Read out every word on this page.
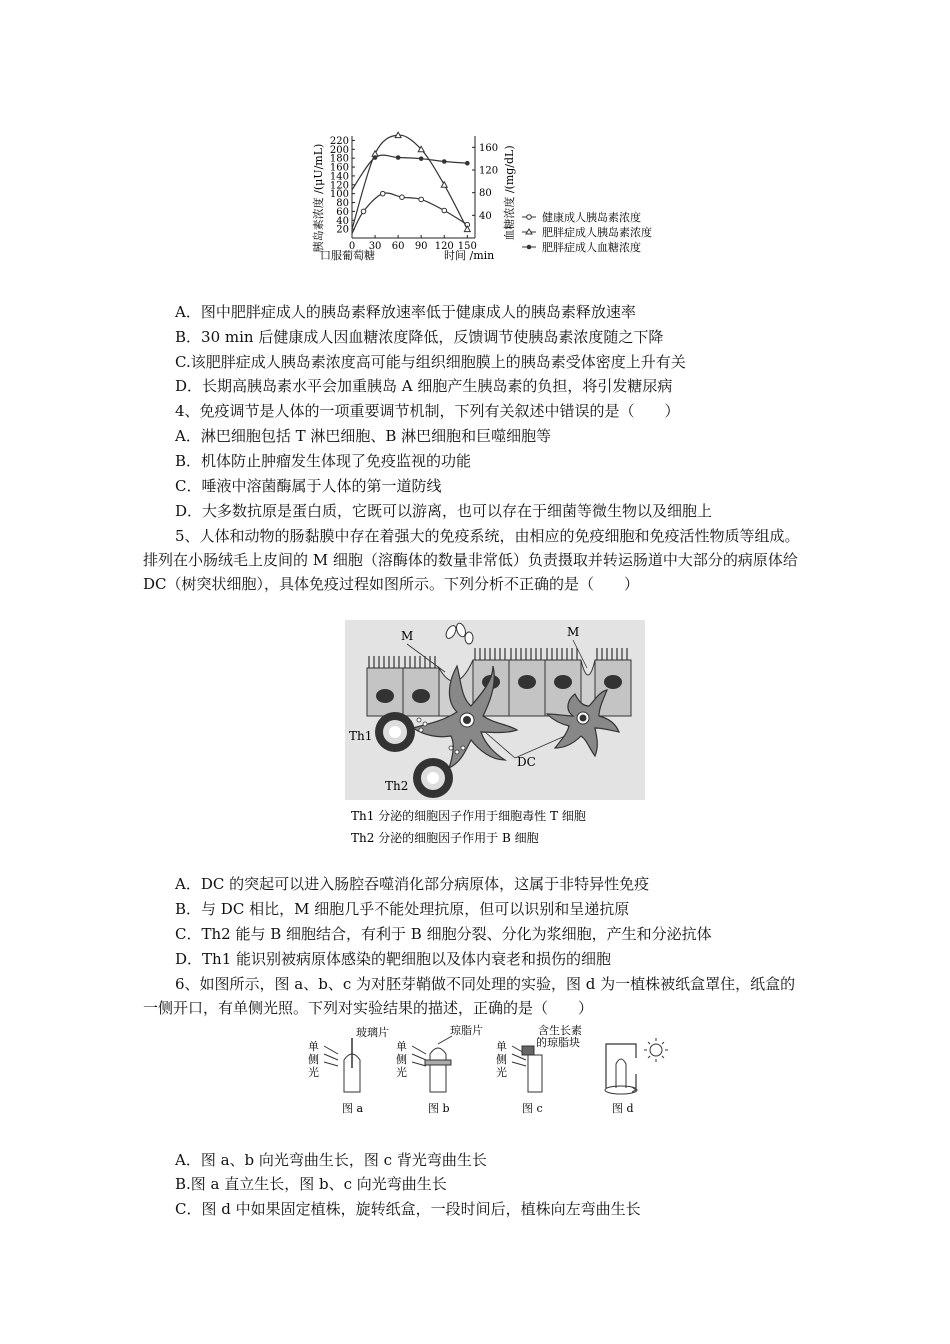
胰岛素浓度 /(μU/mL)	血糖浓度 /(mg/dL)
20
40
60
80
100
120
140
160
180
200
220
40
80
120
160
0 30 60 90 120 150
口服葡萄糖	时间 /min
健康成人胰岛素浓度
肥胖症成人胰岛素浓度
肥胖症成人血糖浓度
A．图中肥胖症成人的胰岛素释放速率低于健康成人的胰岛素释放速率
B．30 min 后健康成人因血糖浓度降低，反馈调节使胰岛素浓度随之下降
C.该肥胖症成人胰岛素浓度高可能与组织细胞膜上的胰岛素受体密度上升有关
D．长期高胰岛素水平会加重胰岛 A 细胞产生胰岛素的负担，将引发糖尿病
4、免疫调节是人体的一项重要调节机制，下列有关叙述中错误的是（　　）
A．淋巴细胞包括 T 淋巴细胞、B 淋巴细胞和巨噬细胞等
B．机体防止肿瘤发生体现了免疫监视的功能
C．唾液中溶菌酶属于人体的第一道防线
D．大多数抗原是蛋白质，它既可以游离，也可以存在于细菌等微生物以及细胞上
5、人体和动物的肠黏膜中存在着强大的免疫系统，由相应的免疫细胞和免疫活性物质等组成。排列在小肠绒毛上皮间的 M 细胞（溶酶体的数量非常低）负责摄取并转运肠道中大部分的病原体给 DC（树突状细胞），具体免疫过程如图所示。下列分析不正确的是（　　）
M	M
Th1
Th2
DC
Th1 分泌的细胞因子作用于细胞毒性 T 细胞
Th2 分泌的细胞因子作用于 B 细胞
A．DC 的突起可以进入肠腔吞噬消化部分病原体，这属于非特异性免疫
B．与 DC 相比，M 细胞几乎不能处理抗原，但可以识别和呈递抗原
C．Th2 能与 B 细胞结合，有利于 B 细胞分裂、分化为浆细胞，产生和分泌抗体
D．Th1 能识别被病原体感染的靶细胞以及体内衰老和损伤的细胞
6、如图所示，图 a、b、c 为对胚芽鞘做不同处理的实验，图 d 为一植株被纸盒罩住，纸盒的一侧开口，有单侧光照。下列对实验结果的描述，正确的是（　　）
单侧光
玻璃片
图 a
单侧光
琼脂片
图 b
单侧光
含生长素
的琼脂块
图 c	图 d
A．图 a、b 向光弯曲生长，图 c 背光弯曲生长
B.图 a 直立生长，图 b、c 向光弯曲生长
C．图 d 中如果固定植株，旋转纸盒，一段时间后，植株向左弯曲生长
